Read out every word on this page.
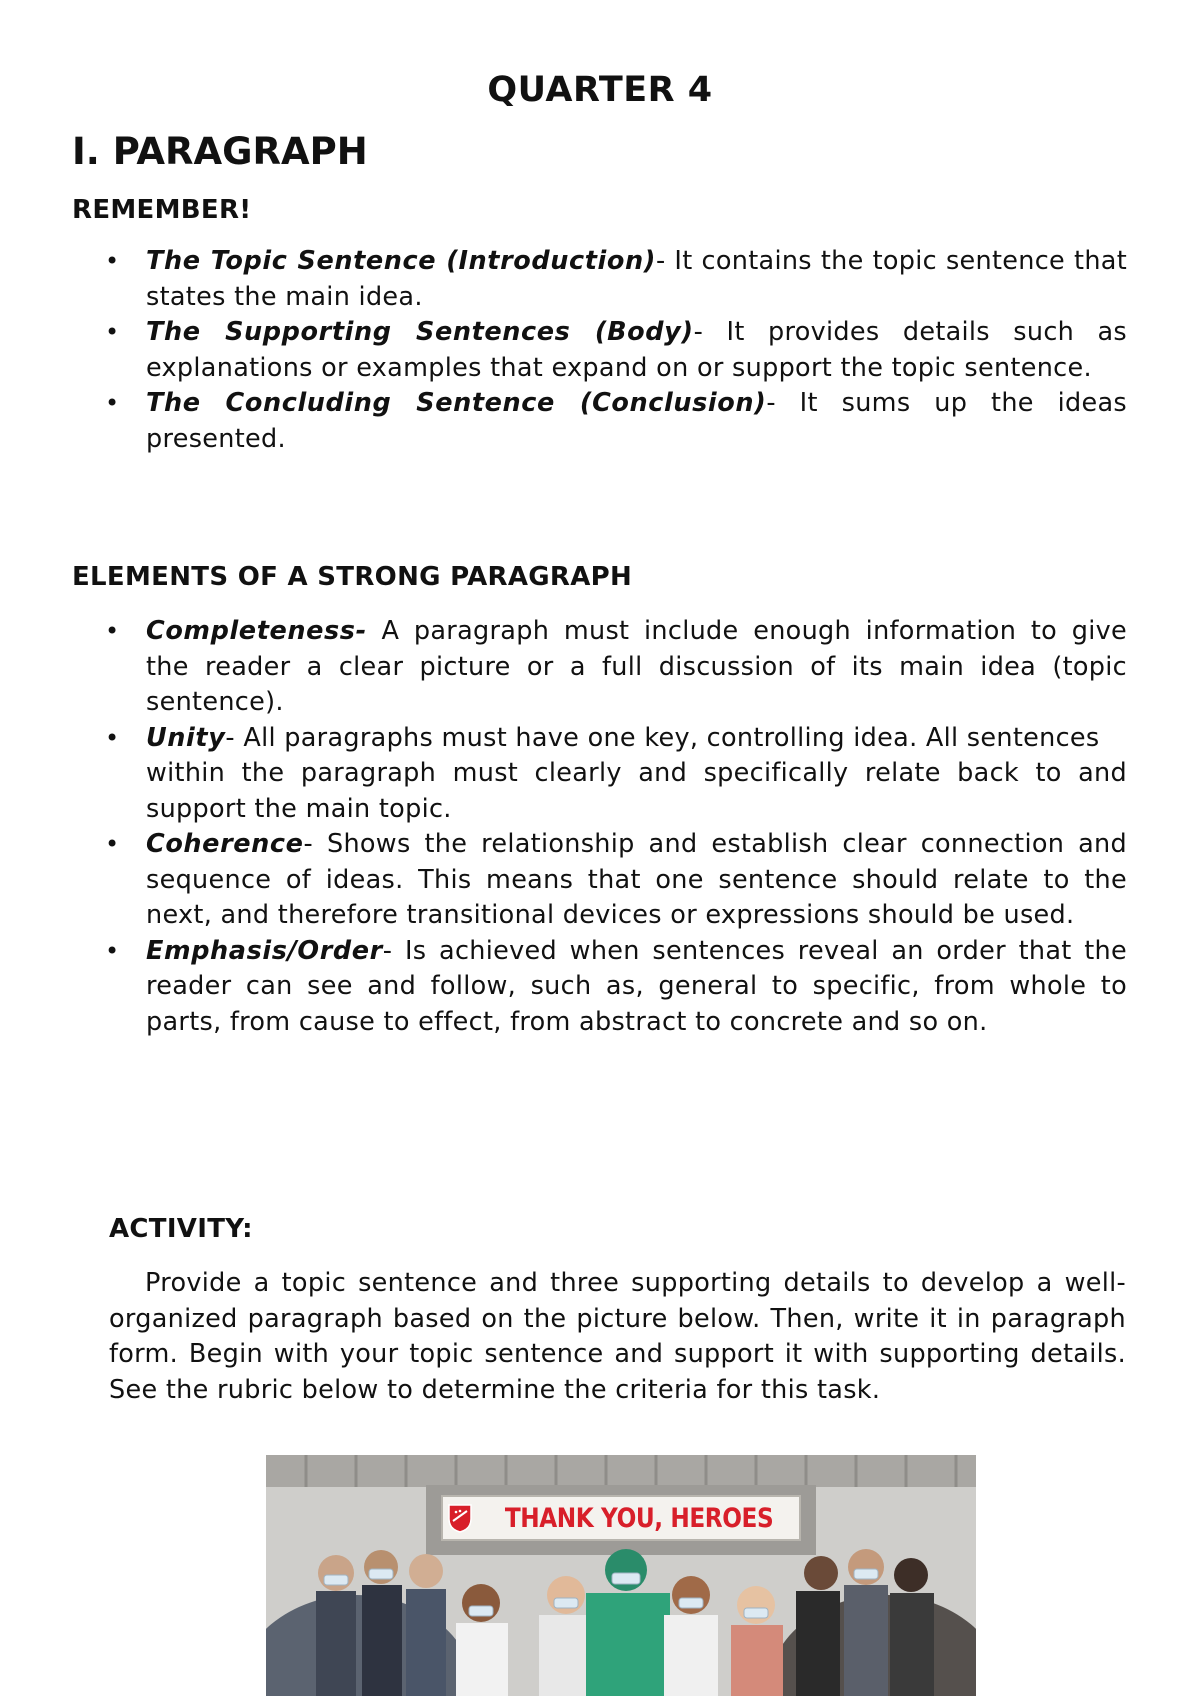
QUARTER 4
I. PARAGRAPH
REMEMBER!
• The Topic Sentence (Introduction)- It contains the topic sentence that states the main idea.
• The Supporting Sentences (Body)- It provides details such as explanations or examples that expand on or support the topic sentence.
• The Concluding Sentence (Conclusion)- It sums up the ideas presented.
ELEMENTS OF A STRONG PARAGRAPH
• Completeness- A paragraph must include enough information to give the reader a clear picture or a full discussion of its main idea (topic sentence).
• Unity- All paragraphs must have one key, controlling idea. All sentences
within the paragraph must clearly and specifically relate back to and support the main topic.
• Coherence- Shows the relationship and establish clear connection and sequence of ideas. This means that one sentence should relate to the next, and therefore transitional devices or expressions should be used.
• Emphasis/Order- Is achieved when sentences reveal an order that the reader can see and follow, such as, general to specific, from whole to parts, from cause to effect, from abstract to concrete and so on.
ACTIVITY:

Provide a topic sentence and three supporting details to develop a well-organized paragraph based on the picture below. Then, write it in paragraph form. Begin with your topic sentence and support it with supporting details. See the rubric below to determine the criteria for this task.

THANK YOU, HEROES
